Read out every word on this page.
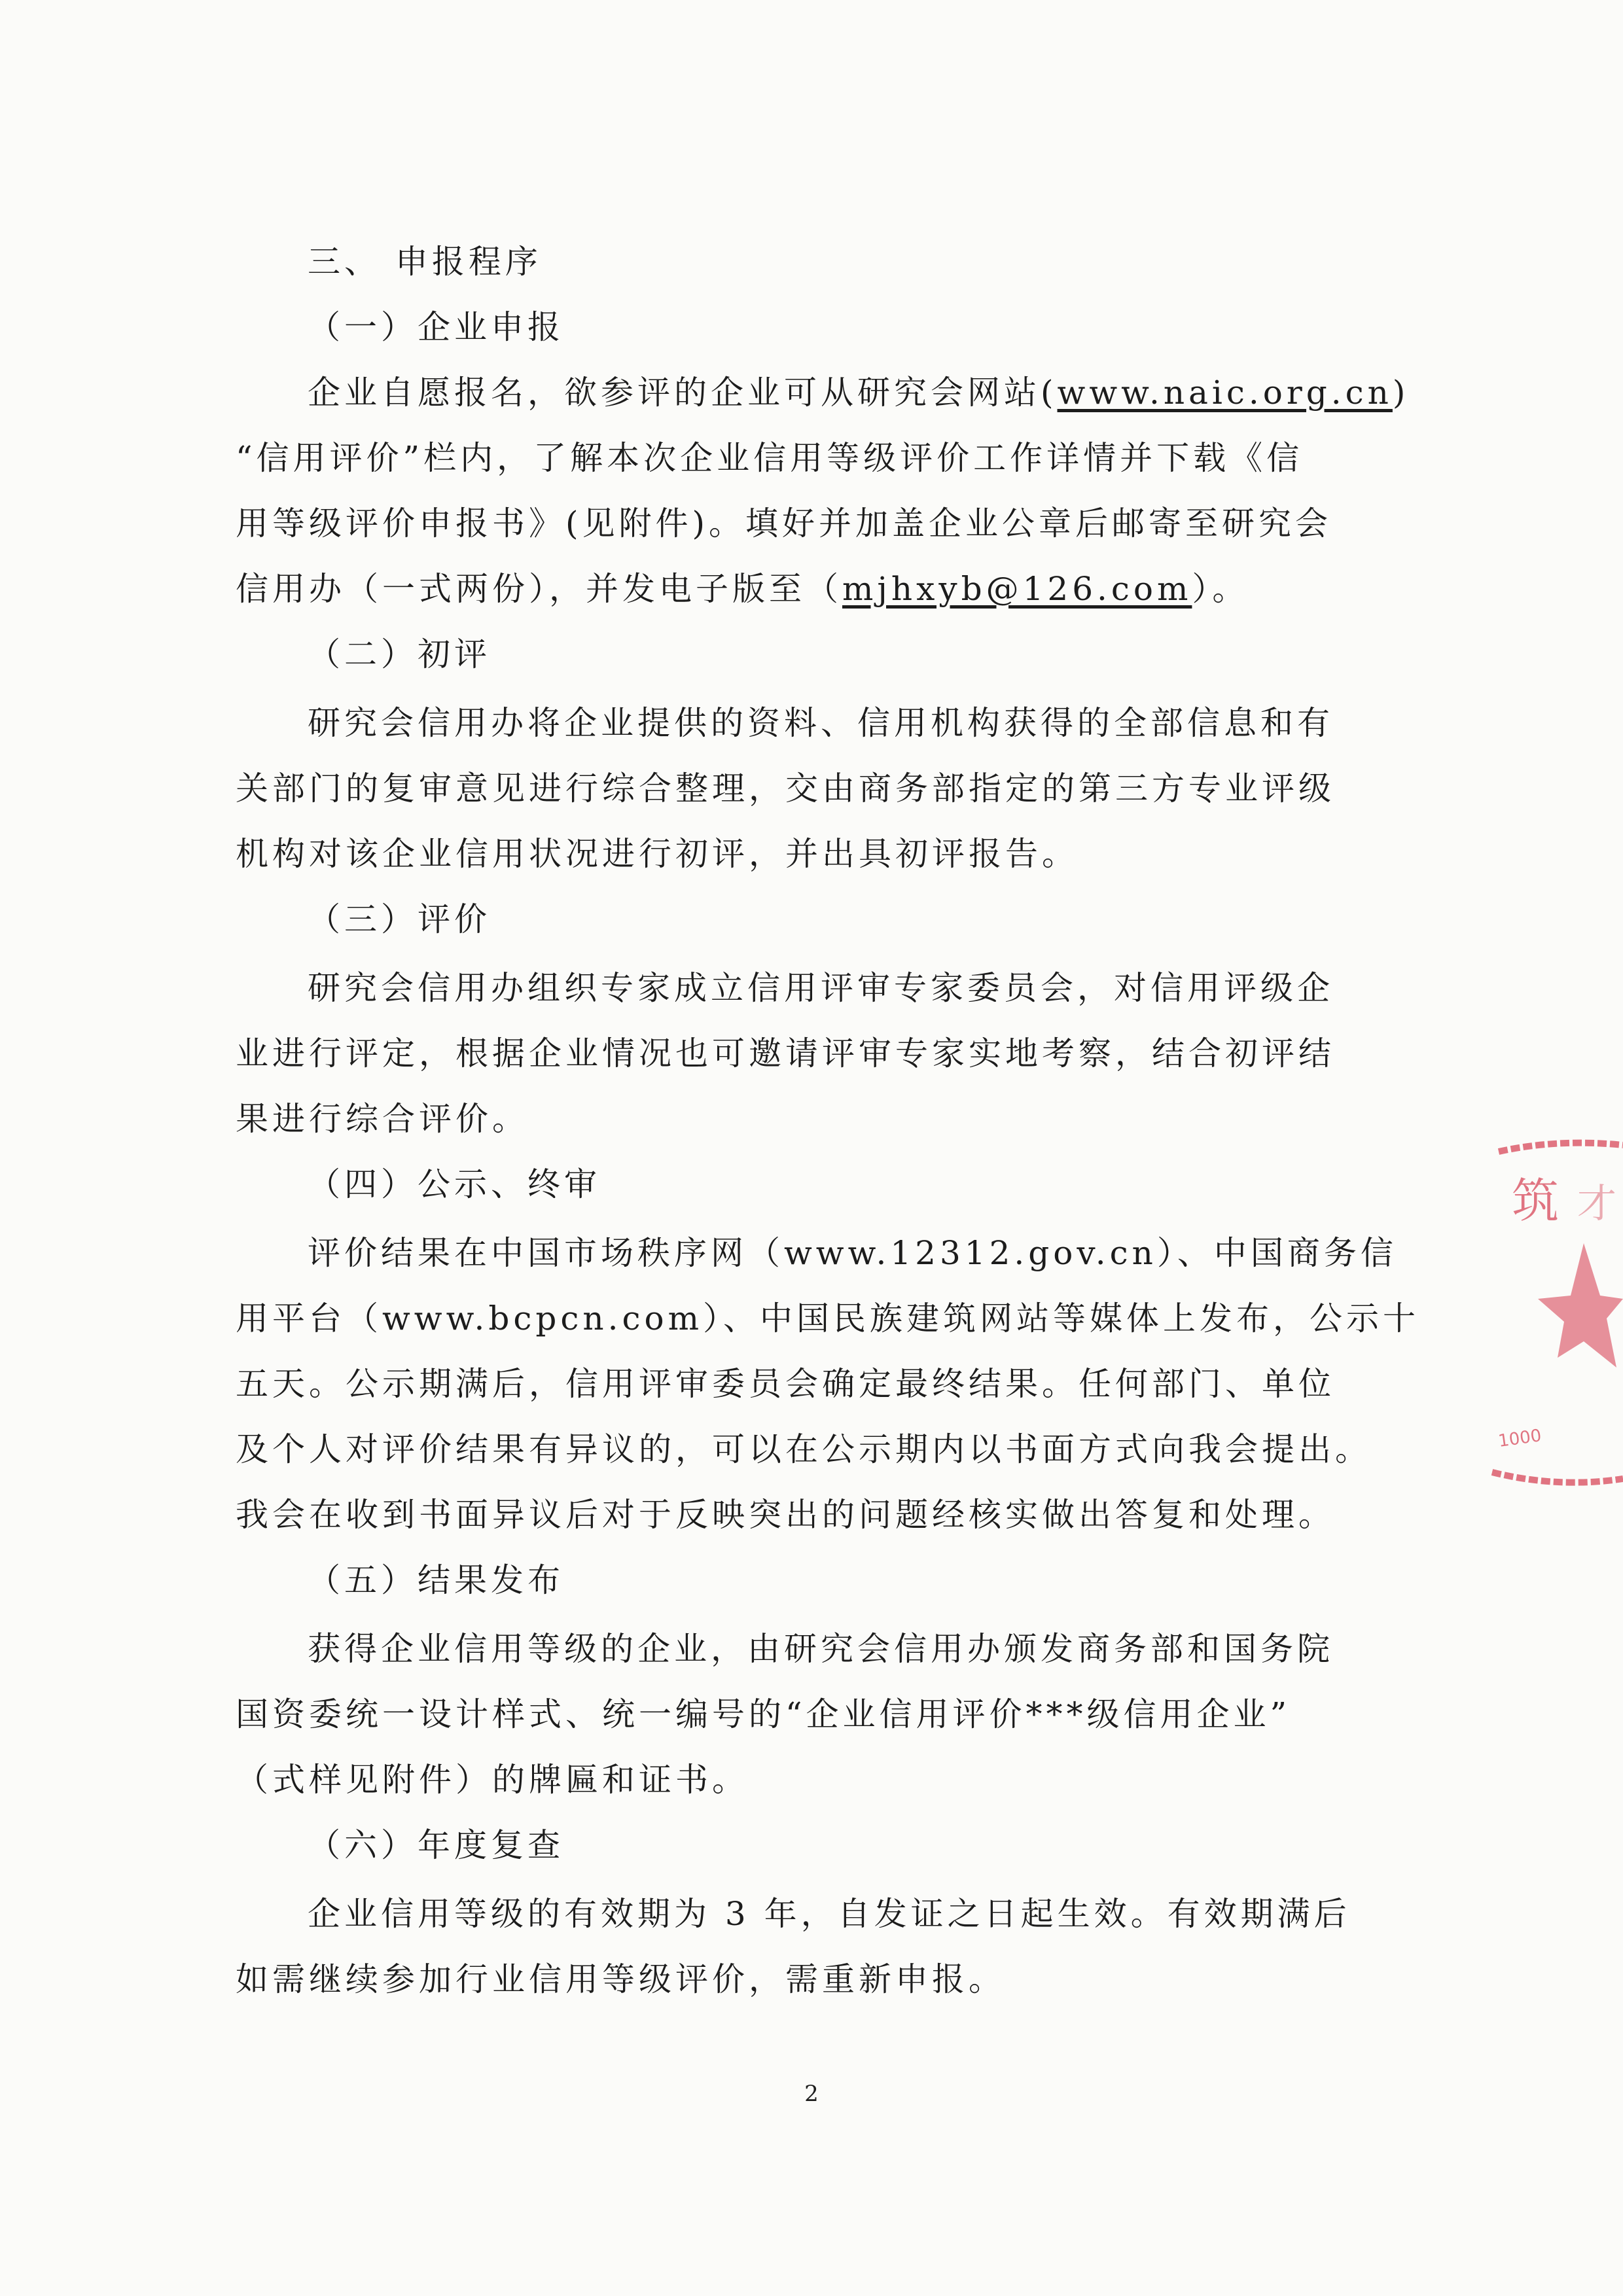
三、 申报程序
（一）企业申报
企业自愿报名，欲参评的企业可从研究会网站(www.naic.org.cn)
“信用评价”栏内，了解本次企业信用等级评价工作详情并下载《信
用等级评价申报书》(见附件)。填好并加盖企业公章后邮寄至研究会
信用办（一式两份），并发电子版至（mjhxyb@126.com）。
（二）初评
研究会信用办将企业提供的资料、信用机构获得的全部信息和有
关部门的复审意见进行综合整理，交由商务部指定的第三方专业评级
机构对该企业信用状况进行初评，并出具初评报告。
（三）评价
研究会信用办组织专家成立信用评审专家委员会，对信用评级企
业进行评定，根据企业情况也可邀请评审专家实地考察，结合初评结
果进行综合评价。
（四）公示、终审
评价结果在中国市场秩序网（www.12312.gov.cn）、中国商务信
用平台（www.bcpcn.com）、中国民族建筑网站等媒体上发布，公示十
五天。公示期满后，信用评审委员会确定最终结果。任何部门、单位
及个人对评价结果有异议的，可以在公示期内以书面方式向我会提出。
我会在收到书面异议后对于反映突出的问题经核实做出答复和处理。
（五）结果发布
获得企业信用等级的企业，由研究会信用办颁发商务部和国务院
国资委统一设计样式、统一编号的“企业信用评价***级信用企业”
（式样见附件）的牌匾和证书。
（六）年度复查
企业信用等级的有效期为 3 年，自发证之日起生效。有效期满后
如需继续参加行业信用等级评价，需重新申报。
2
筑 才
1000
